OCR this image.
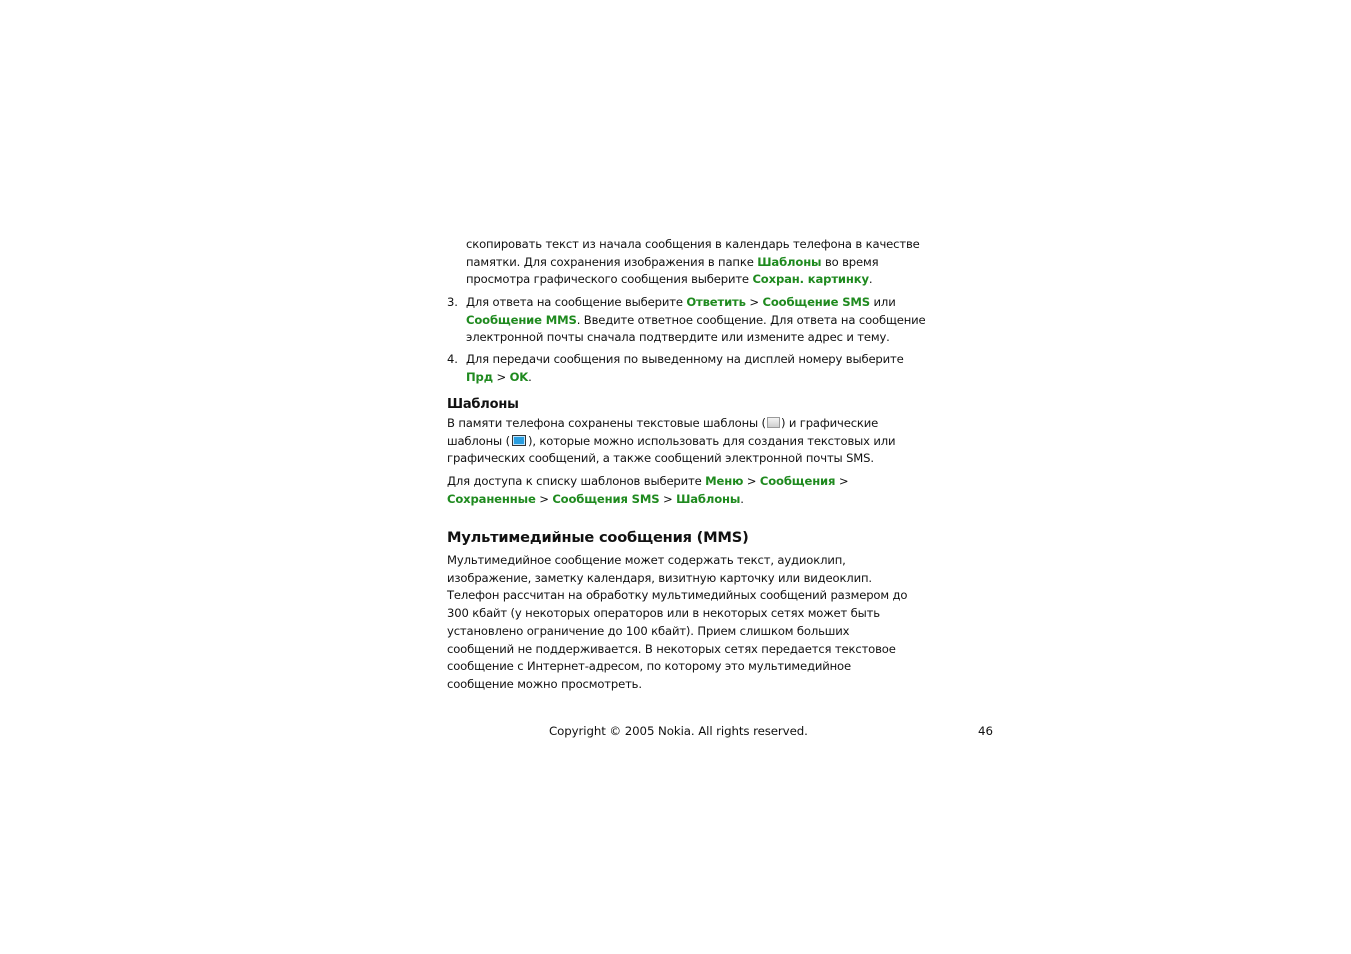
скопировать текст из начала сообщения в календарь телефона в качестве
памятки. Для сохранения изображения в папке Шаблоны во время
просмотра графического сообщения выберите Сохран. картинку.
3. Для ответа на сообщение выберите Ответить > Сообщение SMS или
Сообщение MMS. Введите ответное сообщение. Для ответа на сообщение
электронной почты сначала подтвердите или измените адрес и тему.
4. Для передачи сообщения по выведенному на дисплей номеру выберите
Прд > OK.
Шаблоны
В памяти телефона сохранены текстовые шаблоны ( ) и графические
шаблоны ( ), которые можно использовать для создания текстовых или
графических сообщений, а также сообщений электронной почты SMS.
Для доступа к списку шаблонов выберите Меню > Сообщения >
Сохраненные > Сообщения SMS > Шаблоны.
Мультимедийные сообщения (MMS)
Мультимедийное сообщение может содержать текст, аудиоклип,
изображение, заметку календаря, визитную карточку или видеоклип.
Телефон рассчитан на обработку мультимедийных сообщений размером до
300 кбайт (у некоторых операторов или в некоторых сетях может быть
установлено ограничение до 100 кбайт). Прием слишком больших
сообщений не поддерживается. В некоторых сетях передается текстовое
сообщение с Интернет-адресом, по которому это мультимедийное
сообщение можно просмотреть.
Copyright © 2005 Nokia. All rights reserved.	46
